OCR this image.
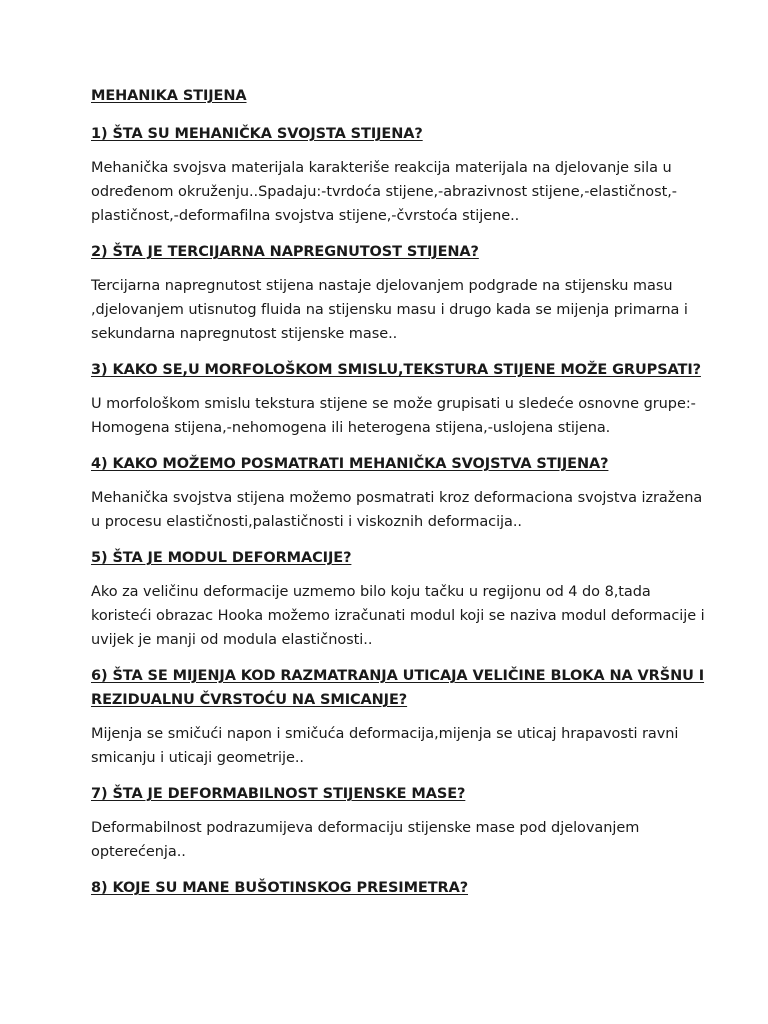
MEHANIKA STIJENA
1) ŠTA SU MEHANIČKA SVOJSTA STIJENA?

Mehanička svojsva materijala karakteriše reakcija materijala na djelovanje sila u određenom okruženju..Spadaju:-tvrdoća stijene,-abrazivnost stijene,-elastičnost,-plastičnost,-deformafilna svojstva stijene,-čvrstoća stijene..

2) ŠTA JE TERCIJARNA NAPREGNUTOST STIJENA?

Tercijarna napregnutost stijena nastaje djelovanjem podgrade na stijensku masu ,djelovanjem utisnutog fluida na stijensku masu i drugo kada se mijenja primarna i sekundarna napregnutost stijenske mase..

3) KAKO SE,U MORFOLOŠKOM SMISLU,TEKSTURA STIJENE MOŽE GRUPSATI?

U morfološkom smislu tekstura stijene se može grupisati u sledeće osnovne grupe:-Homogena stijena,-nehomogena ili heterogena stijena,-uslojena stijena.

4) KAKO MOŽEMO POSMATRATI MEHANIČKA SVOJSTVA STIJENA?

Mehanička svojstva stijena možemo posmatrati kroz deformaciona svojstva izražena u procesu elastičnosti,palastičnosti i viskoznih deformacija..

5) ŠTA JE MODUL DEFORMACIJE?

Ako za veličinu deformacije uzmemo bilo koju tačku u regijonu od 4 do 8,tada koristeći obrazac Hooka možemo izračunati modul koji se naziva modul deformacije i uvijek je manji od modula elastičnosti..

6) ŠTA SE MIJENJA KOD RAZMATRANJA UTICAJA VELIČINE BLOKA NA VRŠNU I REZIDUALNU ČVRSTOĆU NA SMICANJE?

Mijenja se smičući napon i smičuća deformacija,mijenja se uticaj hrapavosti ravni smicanju i uticaji geometrije..

7) ŠTA JE DEFORMABILNOST STIJENSKE MASE?

Deformabilnost podrazumijeva deformaciju stijenske mase pod djelovanjem opterećenja..

8) KOJE SU MANE BUŠOTINSKOG PRESIMETRA?
